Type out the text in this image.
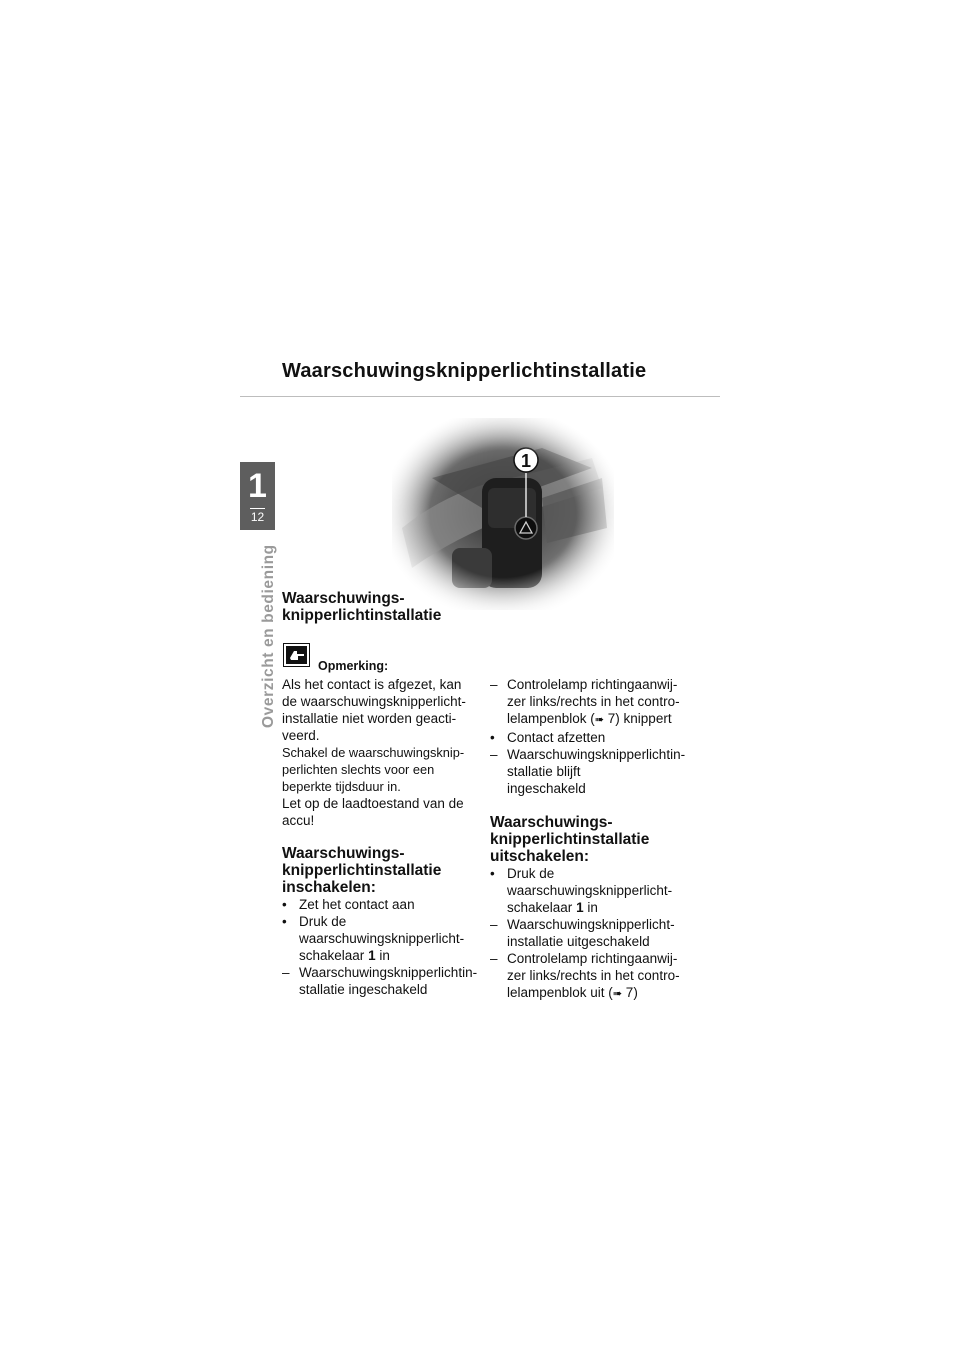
Waarschuwingsknipperlichtinstallatie
1
12
Overzicht en bediening Waarschuwings-
knipperlichtinstallatie
Opmerking:

Als het contact is afgezet, kan

de waarschuwingsknipperlicht-

installatie niet worden geacti-

veerd.

Schakel de waarschuwingsknip-

perlichten slechts voor een

beperkte tijdsduur in.

Let op de laadtoestand van de

accu!

Waarschuwings-
knipperlichtinstallatie
inschakelen:

• Zet het contact aan

• Druk de
waarschuwingsknipperlicht-
schakelaar 1 in

– Waarschuwingsknipperlichtin-
stallatie ingeschakeld

– Controlelamp richtingaanwij-
zer links/rechts in het contro-
lelampenblok (➠ 7) knippert

• Contact afzetten

– Waarschuwingsknipperlichtin-
stallatie blijft
ingeschakeld

Waarschuwings-
knipperlichtinstallatie
uitschakelen:

• Druk de
waarschuwingsknipperlicht-
schakelaar 1 in

– Waarschuwingsknipperlicht-
installatie uitgeschakeld

– Controlelamp richtingaanwij-
zer links/rechts in het contro-
lelampenblok uit (➠ 7)
